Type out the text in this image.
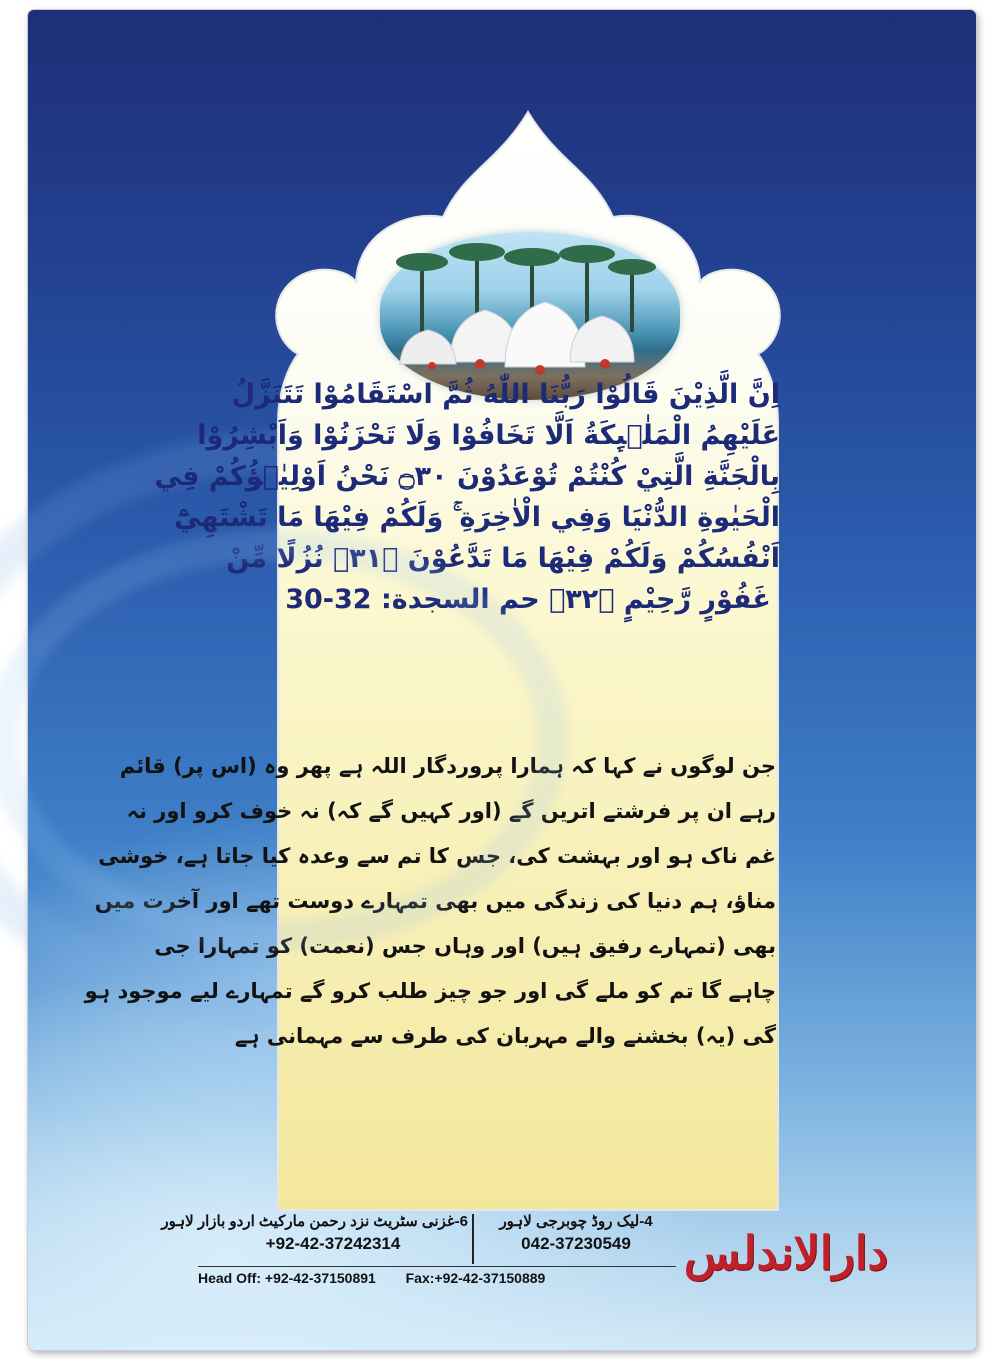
اِنَّ الَّذِيْنَ قَالُوْا رَبُّنَا اللّٰهُ ثُمَّ اسْتَقَامُوْا تَتَنَزَّلُ
عَلَيْهِمُ الْمَلٰۗىِٕكَةُ اَلَّا تَخَافُوْا وَلَا تَحْزَنُوْا وَاَبْشِرُوْا
بِالْجَنَّةِ الَّتِيْ كُنْتُمْ تُوْعَدُوْنَ ۝٣٠ نَحْنُ اَوْلِيٰۗؤُكُمْ فِي
الْحَيٰوةِ الدُّنْيَا وَفِي الْاٰخِرَةِ ۚ وَلَكُمْ فِيْهَا مَا تَشْتَهِيْٓ
اَنْفُسُكُمْ وَلَكُمْ فِيْهَا مَا تَدَّعُوْنَ ۝٣١ۭ نُزُلًا مِّنْ
غَفُوْرٍ رَّحِيْمٍ ۝٣٢ۧ حم السجدة: 32-30
جن لوگوں نے کہا کہ ہمارا پروردگار اللہ ہے پھر وہ (اس پر) قائم
رہے ان پر فرشتے اتریں گے (اور کہیں گے کہ) نہ خوف کرو اور نہ
غم ناک ہو اور بہشت کی، جس کا تم سے وعدہ کیا جاتا ہے، خوشی
مناؤ، ہم دنیا کی زندگی میں بھی تمہارے دوست تھے اور آخرت میں
بھی (تمہارے رفیق ہیں) اور وہاں جس (نعمت) کو تمہارا جی
چاہے گا تم کو ملے گی اور جو چیز طلب کرو گے تمہارے لیے موجود ہو
گی (یہ) بخشنے والے مہربان کی طرف سے مہمانی ہے
4-لیک روڈ چوبرجی لاہور
042-37230549
6-غزنی سٹریٹ نزد رحمن مارکیٹ اردو بازار لاہور
+92-42-37242314
Head Off: +92-42-37150891 Fax:+92-42-37150889	دارالاندلس
